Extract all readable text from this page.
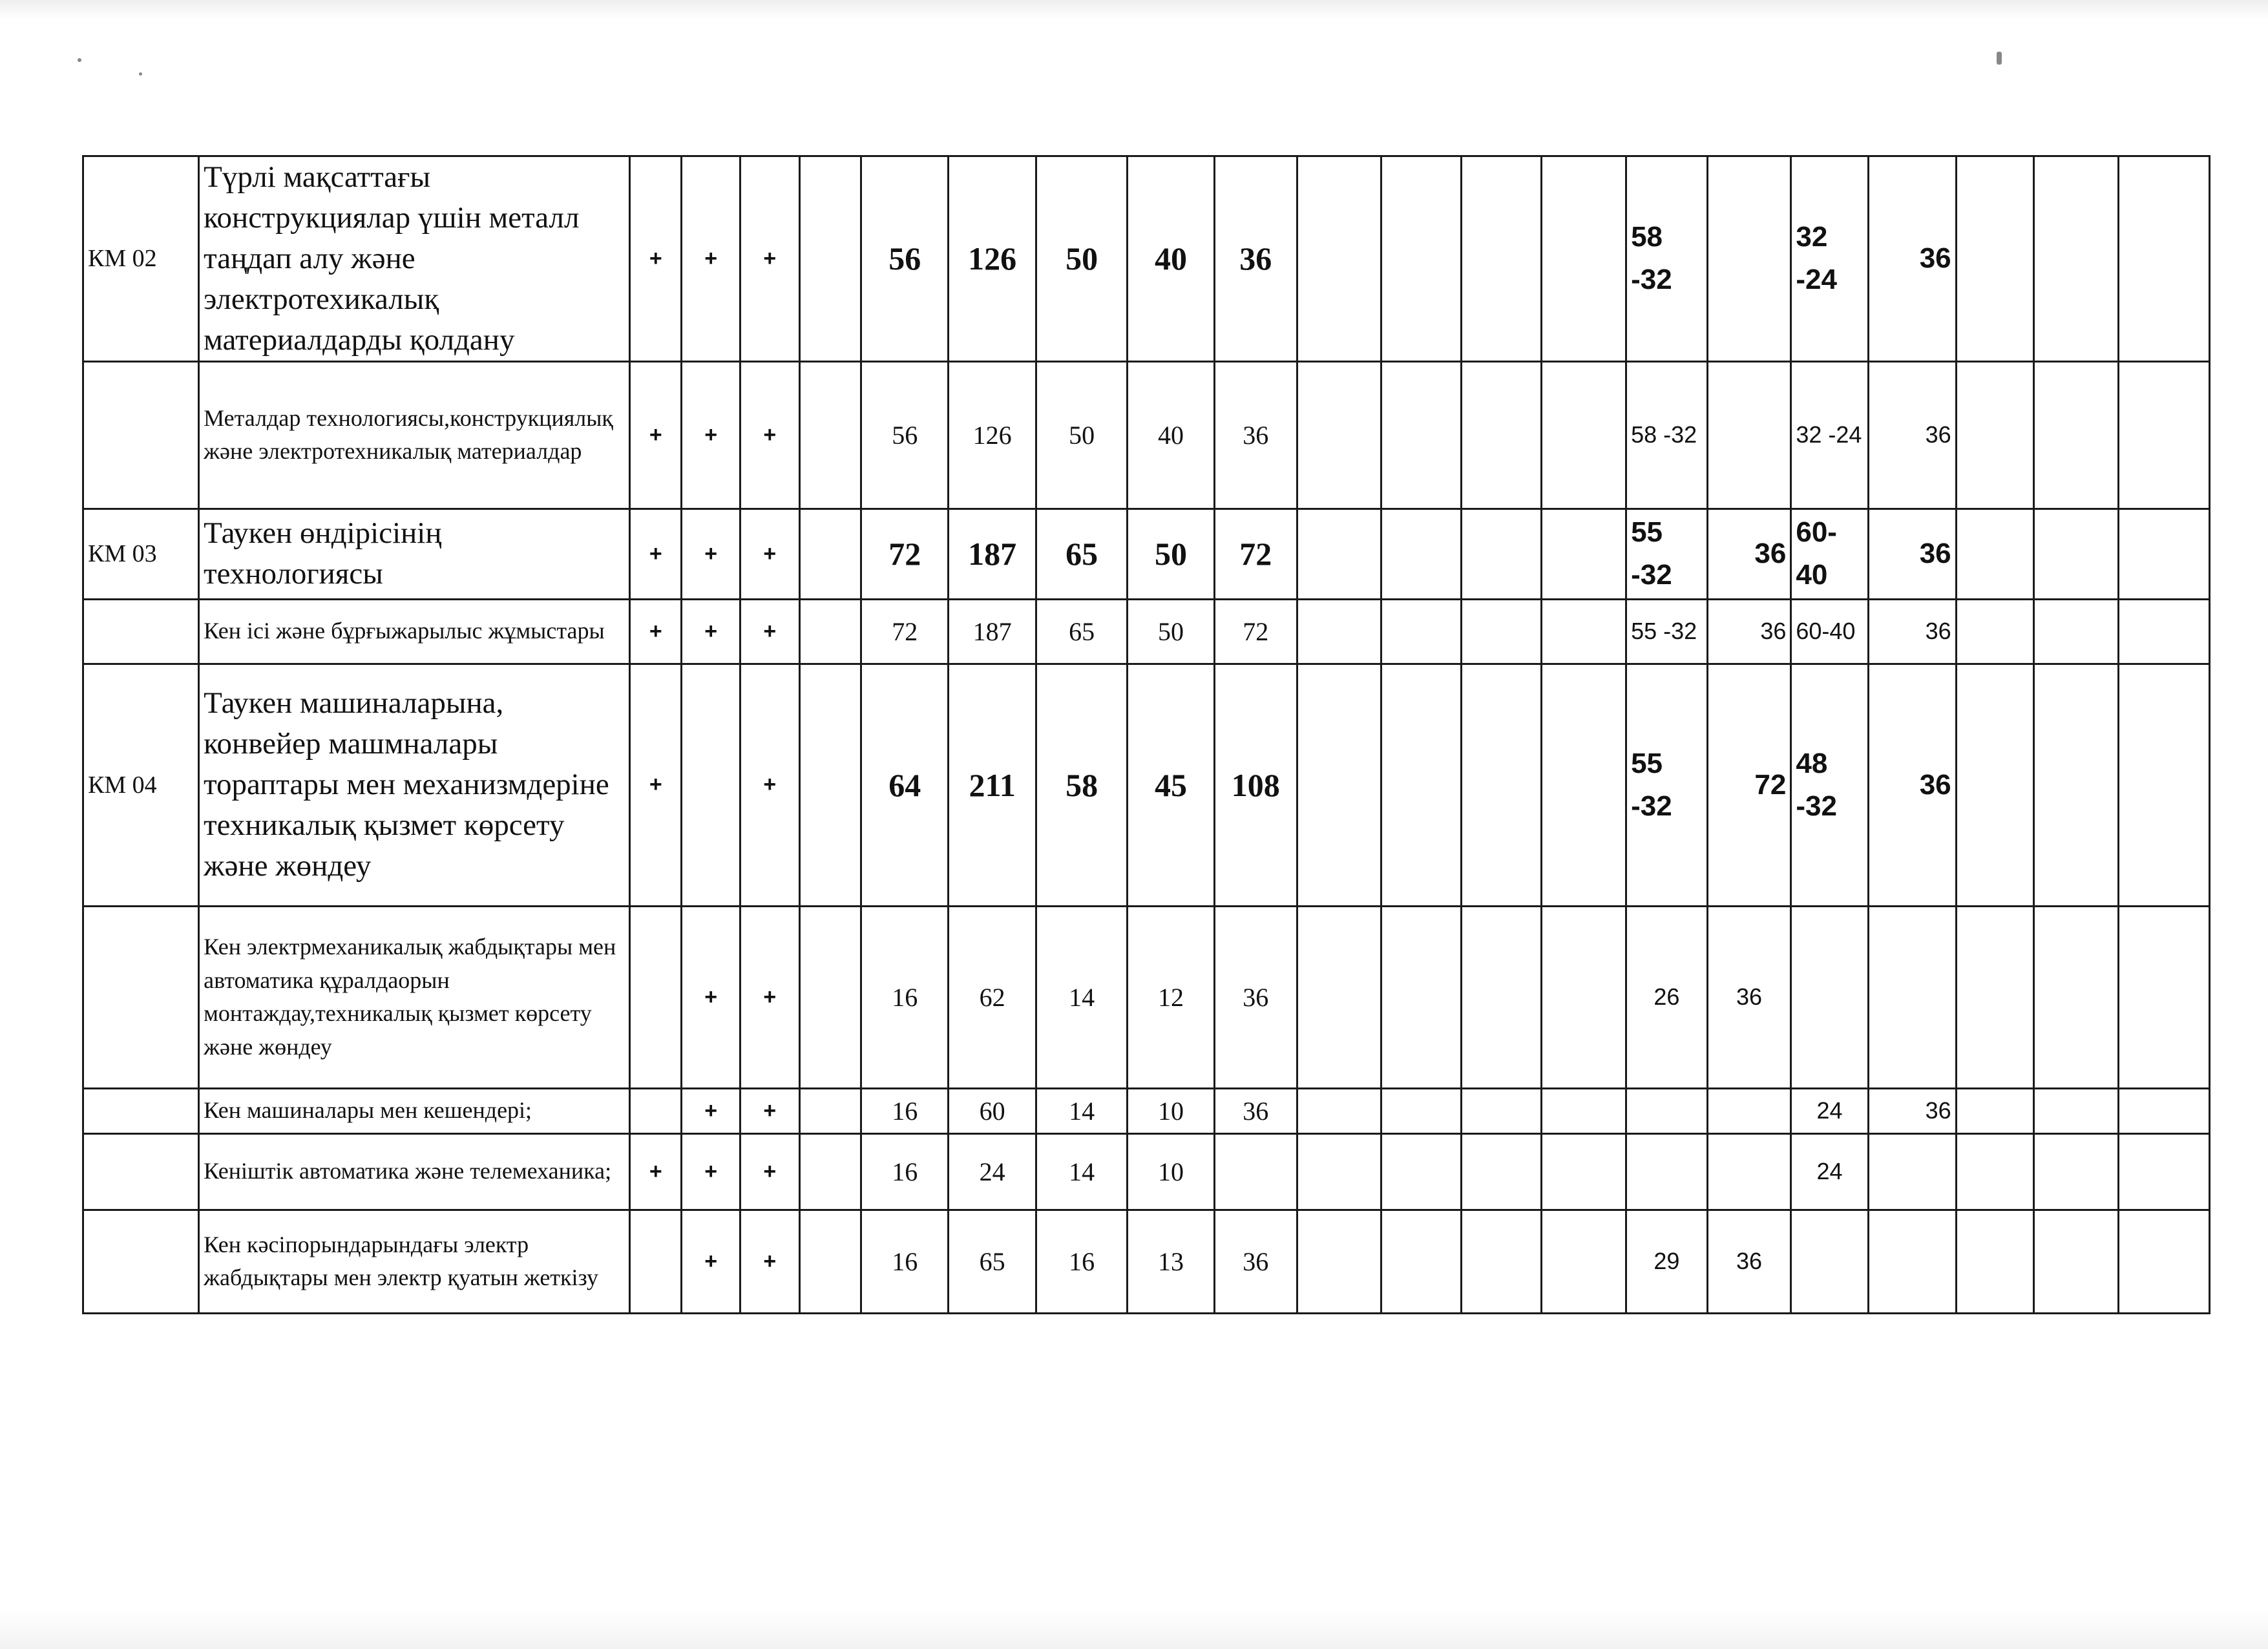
КМ 02	Түрлі мақсаттағы конструкциялар үшін металл таңдап алу және электротехикалық материалдарды қолдану	+	+	+		56	126	50	40	36					58 -32		32 -24	36			
	Металдар технологиясы,конструкциялық және электротехникалық материалдар	+	+	+		56	126	50	40	36					58 -32		32 -24	36			
КМ 03	Таукен өндірісінің технологиясы	+	+	+		72	187	65	50	72					55 -32	36	60-40	36			
	Кен ісі және бұрғыжарылыс жұмыстары	+	+	+		72	187	65	50	72					55 -32	36	60-40	36			
КМ 04	Таукен машиналарына, конвейер машмналары тораптары мен механизмдеріне техникалық қызмет көрсету және жөндеу	+		+		64	211	58	45	108					55 -32	72	48 -32	36			
	Кен электрмеханикалық жабдықтары мен автоматика құралдаорын монтаждау,техникалық қызмет көрсету және жөндеу		+	+		16	62	14	12	36					26	36					
	Кен машиналары мен кешендері;		+	+		16	60	14	10	36							24	36			
	Кеніштік автоматика және телемеханика;	+	+	+		16	24	14	10								24				
	Кен кәсіпорындарындағы электр жабдықтары мен электр қуатын жеткізу		+	+		16	65	16	13	36					29	36					
